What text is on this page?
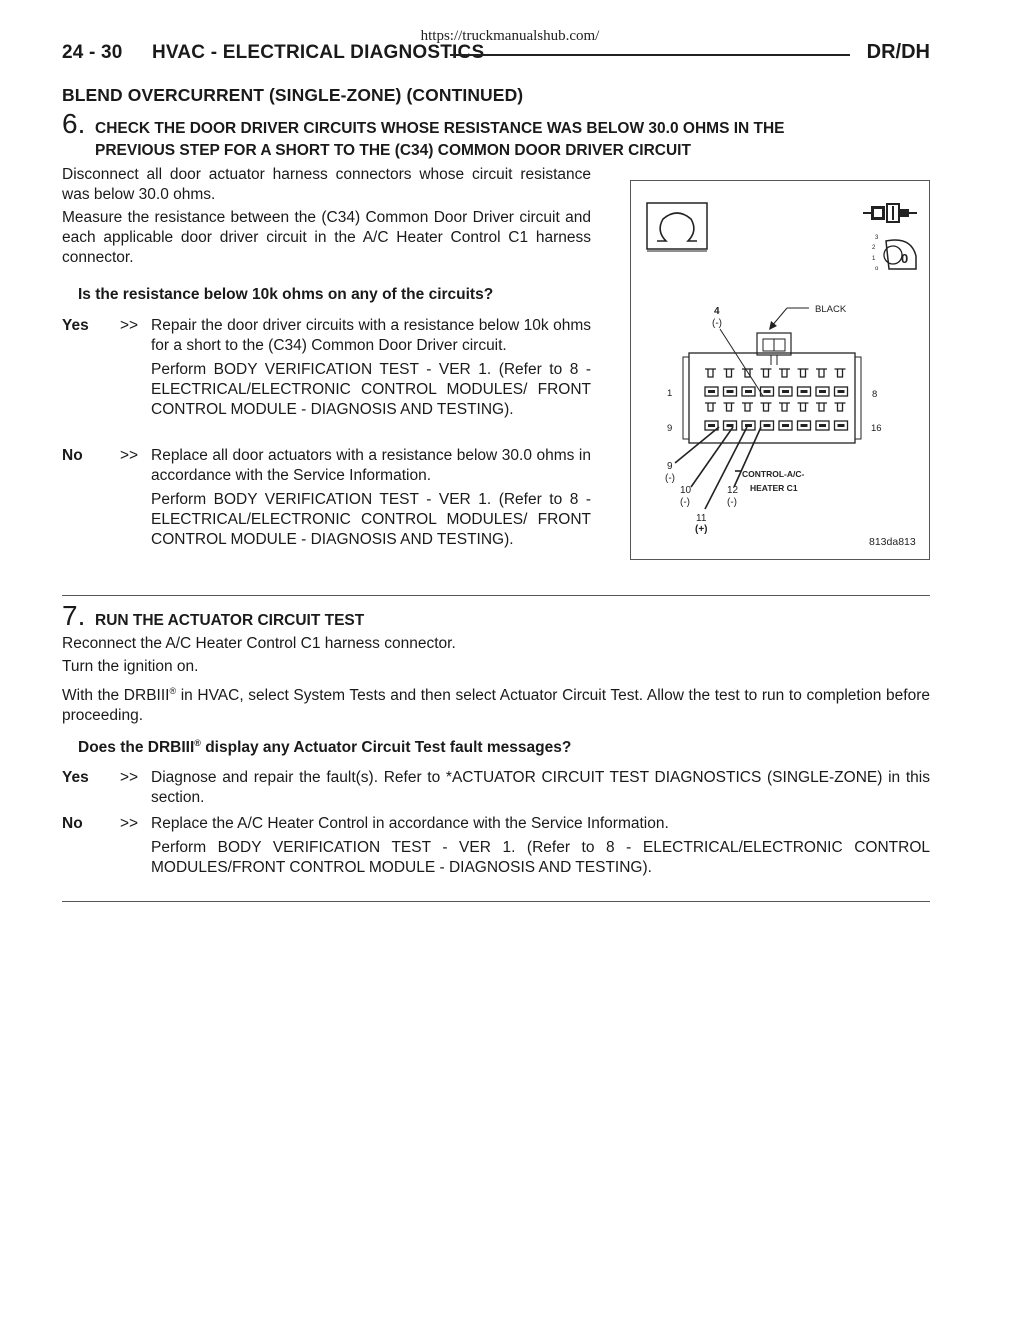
https://truckmanualshub.com/
24 - 30 HVAC - ELECTRICAL DIAGNOSTICS	DR/DH
BLEND OVERCURRENT (SINGLE-ZONE) (CONTINUED)
6. CHECK THE DOOR DRIVER CIRCUITS WHOSE RESISTANCE WAS BELOW 30.0 OHMS IN THE
PREVIOUS STEP FOR A SHORT TO THE (C34) COMMON DOOR DRIVER CIRCUIT
Disconnect all door actuator harness connectors whose circuit resistance was below 30.0 ohms.
Measure the resistance between the (C34) Common Door Driver circuit and each applicable door driver circuit in the A/C Heater Control C1 harness connector.
Is the resistance below 10k ohms on any of the circuits?
Yes >> Repair the door driver circuits with a resistance below 10k ohms for a short to the (C34) Common Door Driver circuit.

Perform BODY VERIFICATION TEST - VER 1. (Refer to 8 - ELECTRICAL/ELECTRONIC CONTROL MODULES/ FRONT CONTROL MODULE - DIAGNOSIS AND TESTING).

No >> Replace all door actuators with a resistance below 30.0 ohms in accordance with the Service Information.

Perform BODY VERIFICATION TEST - VER 1. (Refer to 8 - ELECTRICAL/ELECTRONIC CONTROL MODULES/ FRONT CONTROL MODULE - DIAGNOSIS AND TESTING).

0
3
2
1
o
4
(-)
BLACK
1	8
9	16
9
(-)
10
(-)
11
(+)
12
(-)
CONTROL-A/C-
HEATER C1
813da813
7. RUN THE ACTUATOR CIRCUIT TEST
Reconnect the A/C Heater Control C1 harness connector.
Turn the ignition on.
With the DRBIII® in HVAC, select System Tests and then select Actuator Circuit Test. Allow the test to run to completion before proceeding.
Does the DRBIII® display any Actuator Circuit Test fault messages?
Yes >> Diagnose and repair the fault(s). Refer to *ACTUATOR CIRCUIT TEST DIAGNOSTICS (SINGLE-ZONE) in this section.

No >> Replace the A/C Heater Control in accordance with the Service Information.

Perform BODY VERIFICATION TEST - VER 1. (Refer to 8 - ELECTRICAL/ELECTRONIC CONTROL MODULES/FRONT CONTROL MODULE - DIAGNOSIS AND TESTING).
